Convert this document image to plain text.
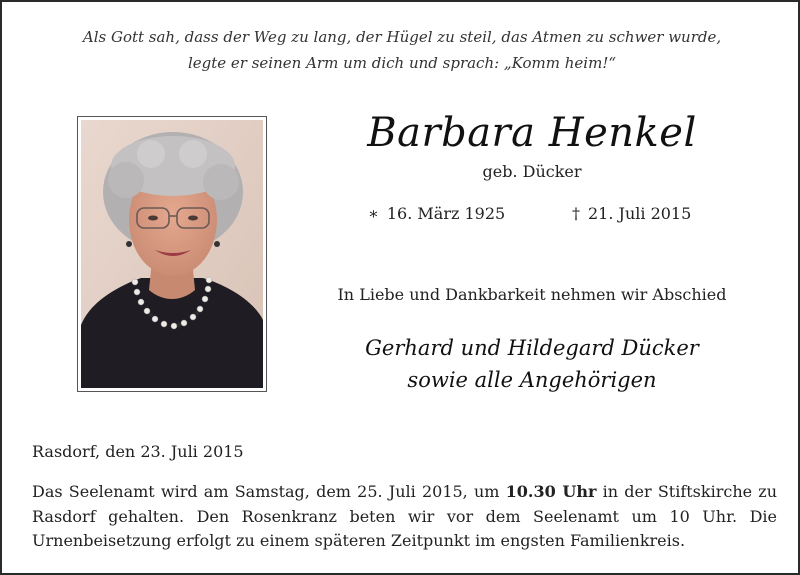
Als Gott sah, dass der Weg zu lang, der Hügel zu steil, das Atmen zu schwer wurde,
legte er seinen Arm um dich und sprach: „Komm heim!“
Barbara Henkel
geb. Dücker
∗ 16. März 1925	† 21. Juli 2015
In Liebe und Dankbarkeit nehmen wir Abschied
Gerhard und Hildegard Dücker
sowie alle Angehörigen
Rasdorf, den 23. Juli 2015
Das Seelenamt wird am Samstag, dem 25. Juli 2015, um 10.30 Uhr in der Stiftskirche zu Rasdorf gehalten. Den Rosenkranz beten wir vor dem Seelenamt um 10 Uhr. Die Urnenbeisetzung erfolgt zu einem späteren Zeitpunkt im engsten Familienkreis.
